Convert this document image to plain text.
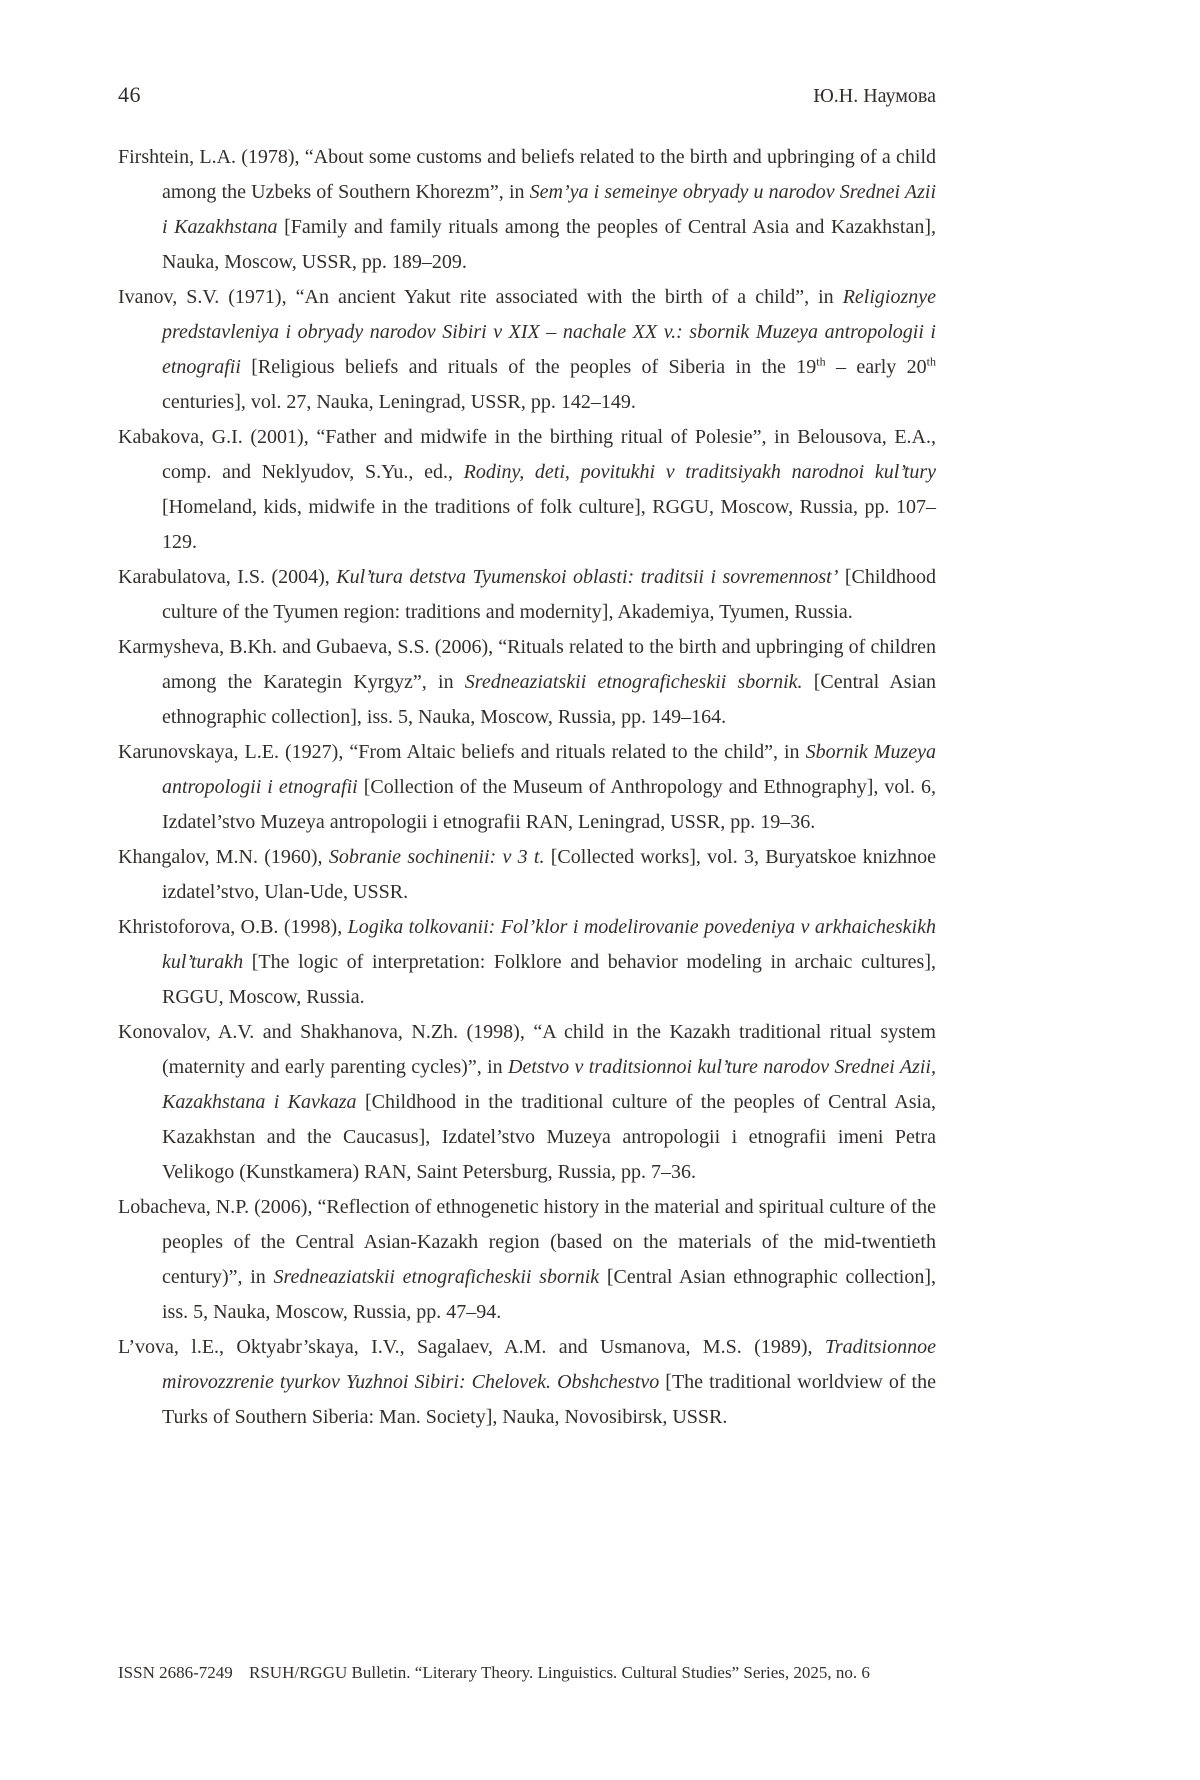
46	Ю.Н. Наумова

Firshtein, L.A. (1978), “About some customs and beliefs related to the birth and upbringing of a child among the Uzbeks of Southern Khorezm”, in Sem’ya i semeinye obryady u narodov Srednei Azii i Kazakhstana [Family and family rituals among the peoples of Central Asia and Kazakhstan], Nauka, Moscow, USSR, pp. 189–209.

Ivanov, S.V. (1971), “An ancient Yakut rite associated with the birth of a child”, in Religioznye predstavleniya i obryady narodov Sibiri v XIX – nachale XX v.: sbornik Muzeya antropologii i etnografii [Religious beliefs and rituals of the peoples of Siberia in the 19th – early 20th centuries], vol. 27, Nauka, Leningrad, USSR, pp. 142–149.

Kabakova, G.I. (2001), “Father and midwife in the birthing ritual of Polesie”, in Belousova, E.A., comp. and Neklyudov, S.Yu., ed., Rodiny, deti, povitukhi v traditsiyakh narodnoi kul’tury [Homeland, kids, midwife in the traditions of folk culture], RGGU, Moscow, Russia, pp. 107–129.

Karabulatova, I.S. (2004), Kul’tura detstva Tyumenskoi oblasti: traditsii i sovremennost’ [Childhood culture of the Tyumen region: traditions and modernity], Akademiya, Tyumen, Russia.

Karmysheva, B.Kh. and Gubaeva, S.S. (2006), “Rituals related to the birth and upbringing of children among the Karategin Kyrgyz”, in Sredneaziatskii etnograficheskii sbornik. [Central Asian ethnographic collection], iss. 5, Nauka, Moscow, Russia, pp. 149–164.

Karunovskaya, L.E. (1927), “From Altaic beliefs and rituals related to the child”, in Sbornik Muzeya antropologii i etnografii [Collection of the Museum of Anthropology and Ethnography], vol. 6, Izdatel’stvo Muzeya antropologii i etnografii RAN, Leningrad, USSR, pp. 19–36.

Khangalov, M.N. (1960), Sobranie sochinenii: v 3 t. [Collected works], vol. 3, Buryatskoe knizhnoe izdatel’stvo, Ulan-Ude, USSR.

Khristoforova, O.B. (1998), Logika tolkovanii: Fol’klor i modelirovanie povedeniya v arkhaicheskikh kul’turakh [The logic of interpretation: Folklore and behavior modeling in archaic cultures], RGGU, Moscow, Russia.

Konovalov, A.V. and Shakhanova, N.Zh. (1998), “A child in the Kazakh traditional ritual system (maternity and early parenting cycles)”, in Detstvo v traditsionnoi kul’ture narodov Srednei Azii, Kazakhstana i Kavkaza [Childhood in the traditional culture of the peoples of Central Asia, Kazakhstan and the Caucasus], Izdatel’stvo Muzeya antropologii i etnografii imeni Petra Velikogo (Kunstkamera) RAN, Saint Petersburg, Russia, pp. 7–36.

Lobacheva, N.P. (2006), “Reflection of ethnogenetic history in the material and spiritual culture of the peoples of the Central Asian-Kazakh region (based on the materials of the mid-twentieth century)”, in Sredneaziatskii etnograficheskii sbornik [Central Asian ethnographic collection], iss. 5, Nauka, Moscow, Russia, pp. 47–94.

L’vova, l.E., Oktyabr’skaya, I.V., Sagalaev, A.M. and Usmanova, M.S. (1989), Traditsionnoe mirovozzrenie tyurkov Yuzhnoi Sibiri: Chelovek. Obshchestvo [The traditional worldview of the Turks of Southern Siberia: Man. Society], Nauka, Novosibirsk, USSR.

ISSN 2686-7249 RSUH/RGGU Bulletin. “Literary Theory. Linguistics. Cultural Studies” Series, 2025, no. 6
